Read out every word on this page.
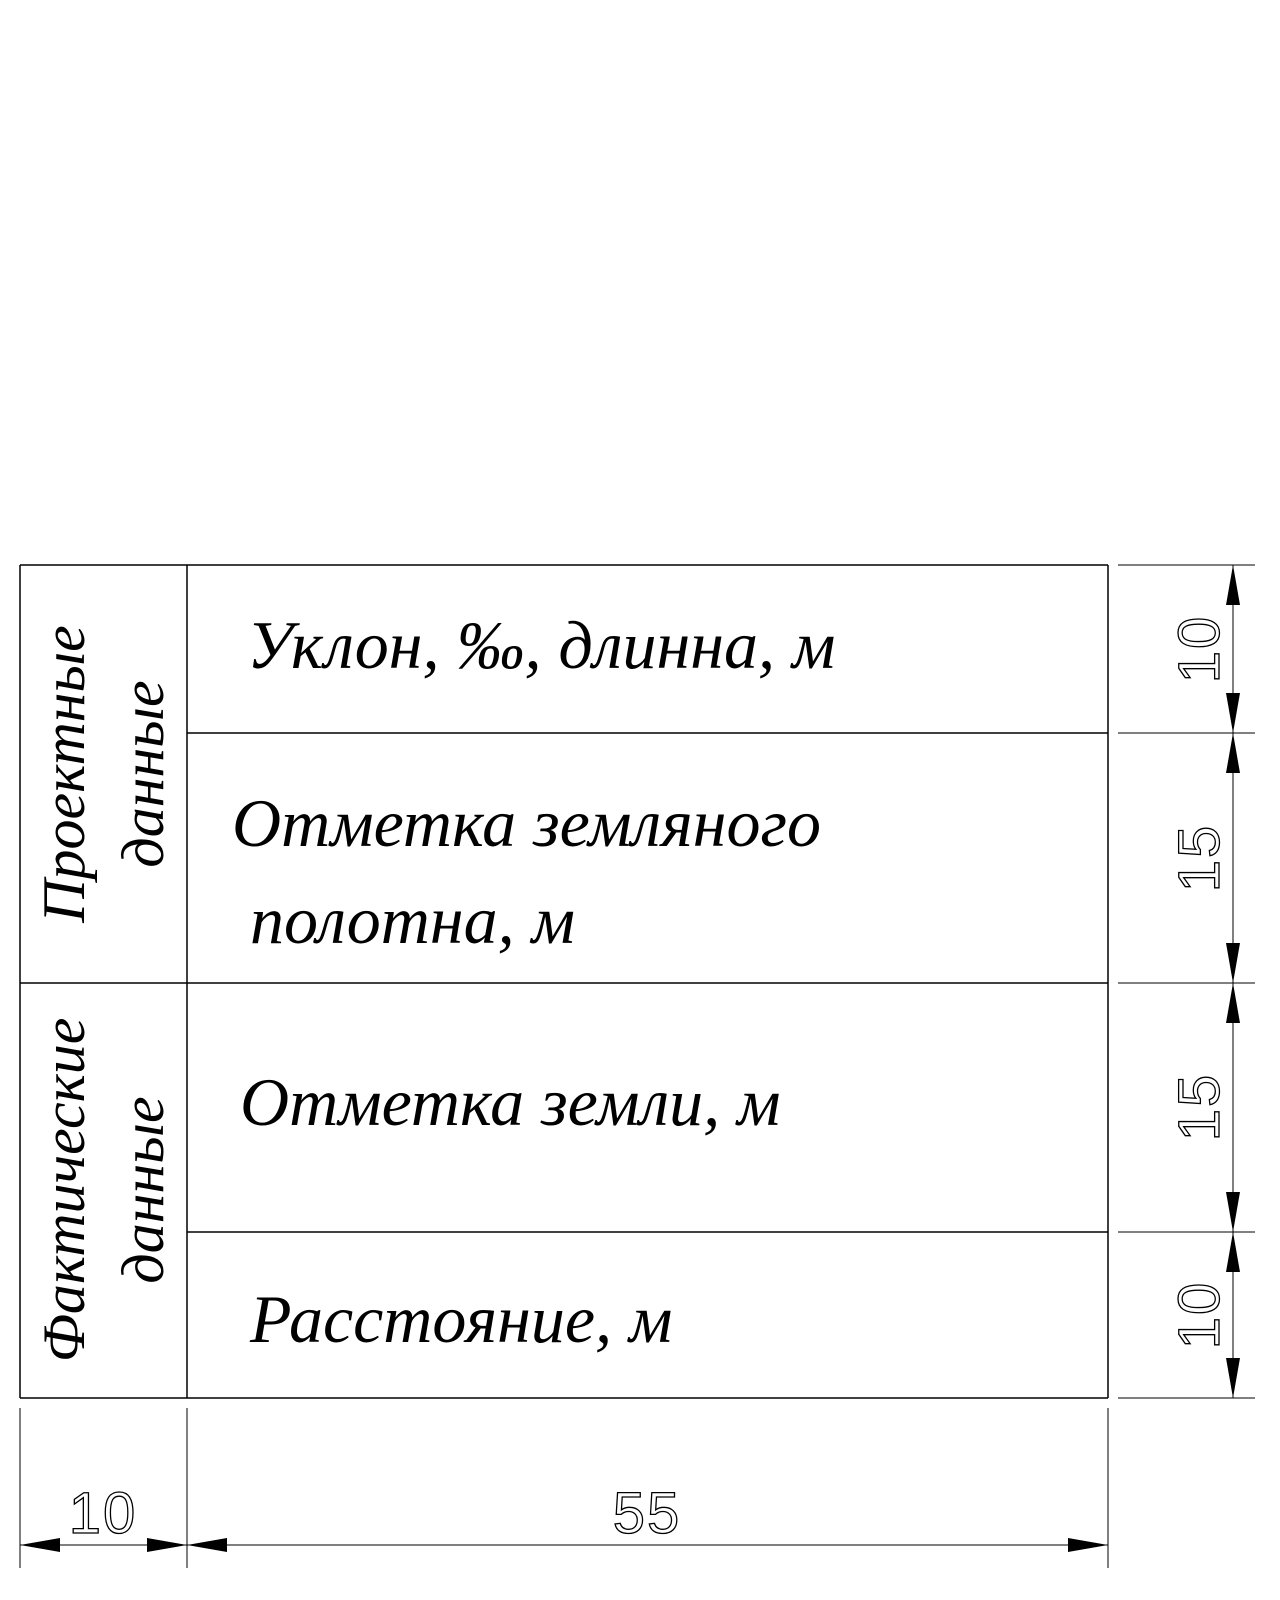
Проектные данные
Фактические данные
Уклон, ‰, длинна, м
Отметка земляного
полотна, м
Отметка земли, м
Расстояние, м
10
15
15
10
10	55
